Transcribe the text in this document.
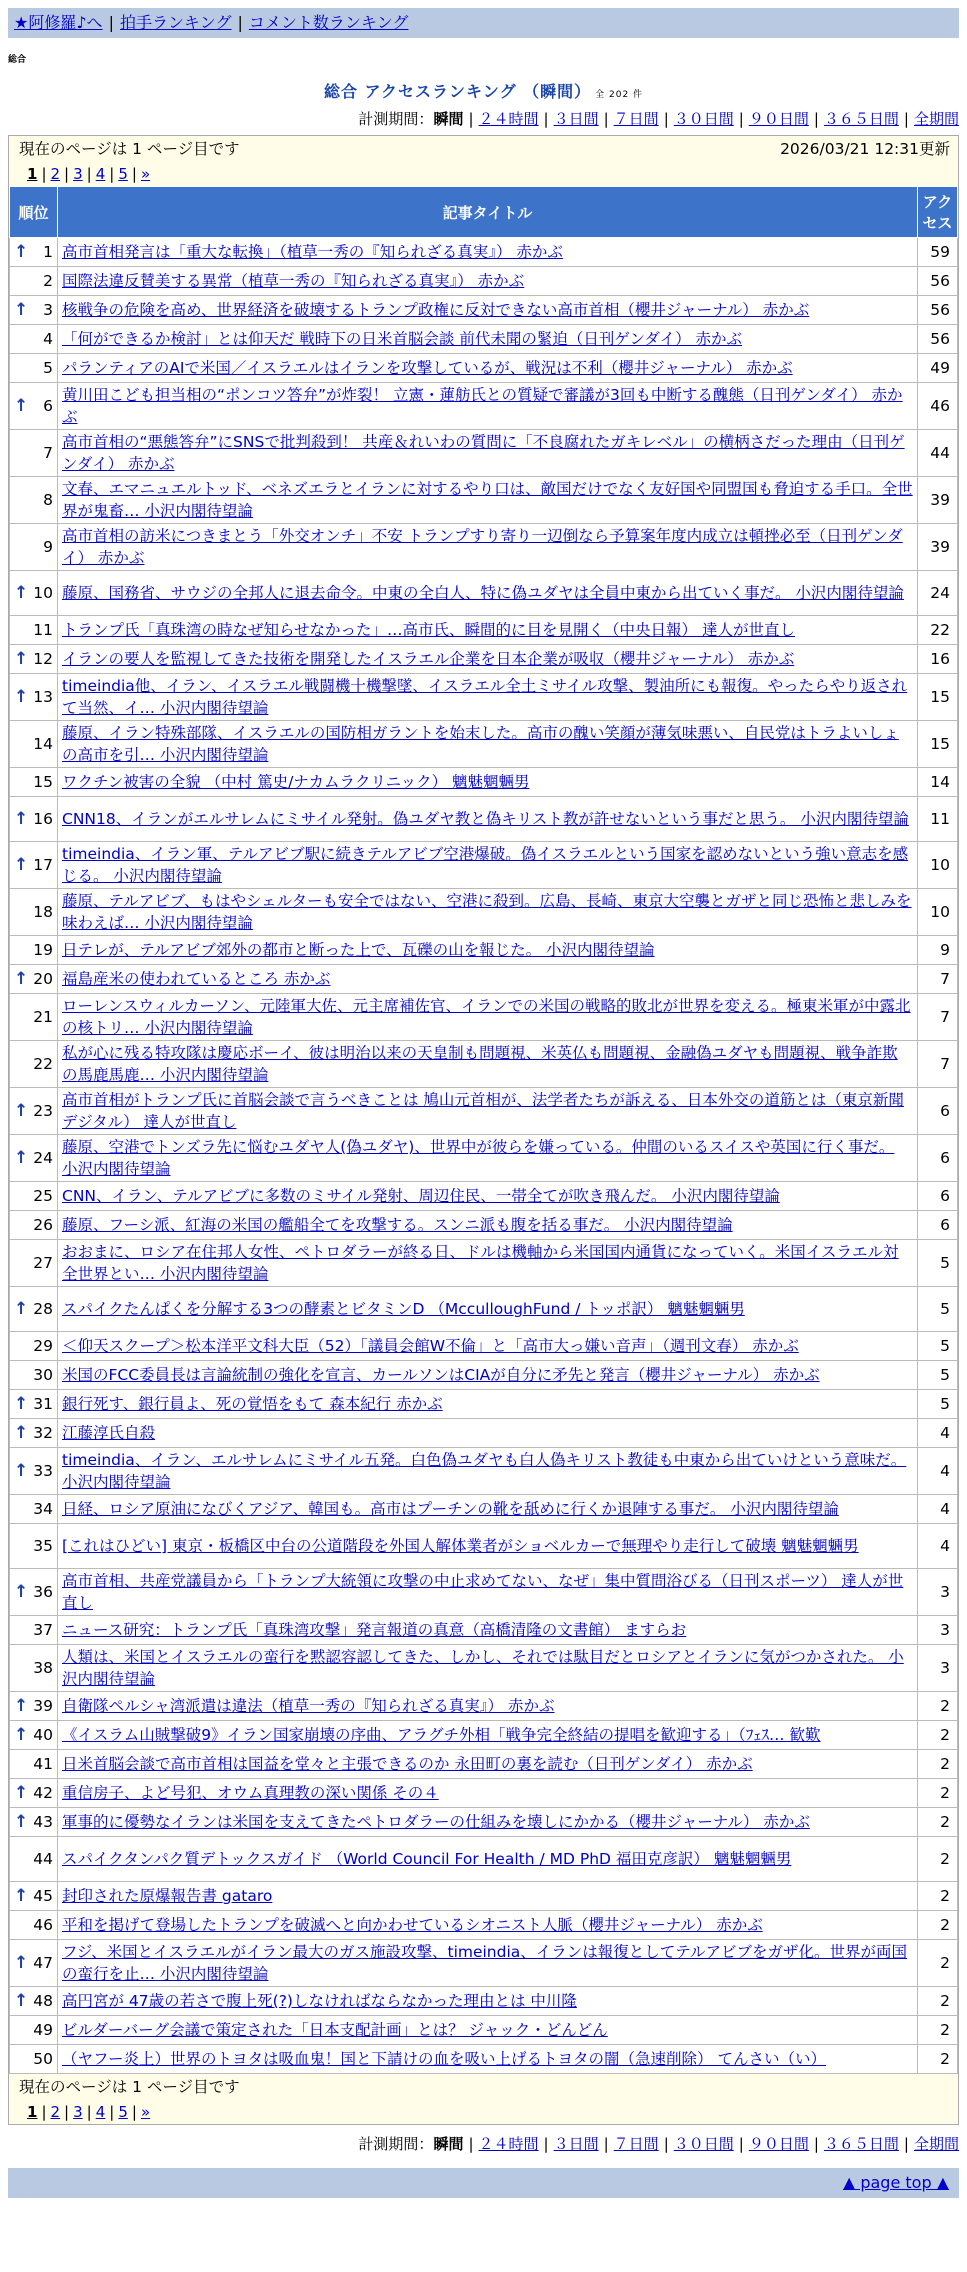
★阿修羅♪へ | 拍手ランキング | コメント数ランキング
総合
総合 アクセスランキング （瞬間） 全 202 件
計測期間：瞬間 | ２４時間 | ３日間 | ７日間 | ３０日間 | ９０日間 | ３６５日間 | 全期間
現在のページは 1 ページ目です	2026/03/21 12:31更新
1 | 2 | 3 | 4 | 5 | »
順位	記事タイトル	アクセス

↑ 1	高市首相発言は「重大な転換」（植草一秀の『知られざる真実』） 赤かぶ	59
2	国際法違反賛美する異常（植草一秀の『知られざる真実』） 赤かぶ	56

↑ 3	核戦争の危険を高め、世界経済を破壊するトランプ政権に反対できない高市首相（櫻井ジャーナル） 赤かぶ	56
4	「何ができるか検討」とは仰天だ 戦時下の日米首脳会談 前代未聞の緊迫（日刊ゲンダイ） 赤かぶ	56
5	パランティアのAIで米国／イスラエルはイランを攻撃しているが、戦況は不利（櫻井ジャーナル） 赤かぶ	49

↑ 6	黄川田こども担当相の“ポンコツ答弁”が炸裂！ 立憲・蓮舫氏との質疑で審議が3回も中断する醜態（日刊ゲンダイ） 赤かぶ	46
7	高市首相の“悪態答弁”にSNSで批判殺到！ 共産＆れいわの質問に「不良腐れたガキレベル」の横柄さだった理由（日刊ゲンダイ） 赤かぶ	44
8	文春、エマニュエルトッド、ベネズエラとイランに対するやり口は、敵国だけでなく友好国や同盟国も脅迫する手口。全世界が鬼畜… 小沢内閣待望論	39
9	高市首相の訪米につきまとう「外交オンチ」不安 トランプすり寄り一辺倒なら予算案年度内成立は頓挫必至（日刊ゲンダイ） 赤かぶ	39

↑ 10	藤原、国務省、サウジの全邦人に退去命令。中東の全白人、特に偽ユダヤは全員中東から出ていく事だ。 小沢内閣待望論	24
11	トランプ氏「真珠湾の時なぜ知らせなかった」…高市氏、瞬間的に目を見開く（中央日報） 達人が世直し	22

↑ 12	イランの要人を監視してきた技術を開発したイスラエル企業を日本企業が吸収（櫻井ジャーナル） 赤かぶ	16

↑ 13	timeindia他、イラン、イスラエル戦闘機十機撃墜、イスラエル全土ミサイル攻撃、製油所にも報復。やったらやり返されて当然、イ… 小沢内閣待望論	15
14	藤原、イラン特殊部隊、イスラエルの国防相ガラントを始末した。高市の醜い笑顔が薄気味悪い、自民党はトラよいしょの高市を引… 小沢内閣待望論	15
15	ワクチン被害の全貌 （中村 篤史/ナカムラクリニック） 魑魅魍魎男	14

↑ 16	CNN18、イランがエルサレムにミサイル発射。偽ユダヤ教と偽キリスト教が許せないという事だと思う。 小沢内閣待望論	11

↑ 17	timeindia、イラン軍、テルアビブ駅に続きテルアビブ空港爆破。偽イスラエルという国家を認めないという強い意志を感じる。 小沢内閣待望論	10
18	藤原、テルアビブ、もはやシェルターも安全ではない、空港に殺到。広島、長崎、東京大空襲とガザと同じ恐怖と悲しみを味わえば… 小沢内閣待望論	10
19	日テレが、テルアビブ郊外の都市と断った上で、瓦礫の山を報じた。 小沢内閣待望論	9

↑ 20	福島産米の使われているところ 赤かぶ	7
21	ローレンスウィルカーソン、元陸軍大佐、元主席補佐官、イランでの米国の戦略的敗北が世界を変える。極東米軍が中露北の核トリ… 小沢内閣待望論	7
22	私が心に残る特攻隊は慶応ボーイ、彼は明治以来の天皇制も問題視、米英仏も問題視、金融偽ユダヤも問題視、戦争詐欺の馬鹿馬鹿… 小沢内閣待望論	7

↑ 23	高市首相がトランプ氏に首脳会談で言うべきことは 鳩山元首相が、法学者たちが訴える、日本外交の道筋とは（東京新聞デジタル） 達人が世直し	6

↑ 24	藤原、空港でトンズラ先に悩むユダヤ人(偽ユダヤ)、世界中が彼らを嫌っている。仲間のいるスイスや英国に行く事だ。 小沢内閣待望論	6
25	CNN、イラン、テルアビブに多数のミサイル発射、周辺住民、一帯全てが吹き飛んだ。 小沢内閣待望論	6
26	藤原、フーシ派、紅海の米国の艦船全てを攻撃する。スンニ派も腹を括る事だ。 小沢内閣待望論	6
27	おおまに、ロシア在住邦人女性、ペトロダラーが終る日、ドルは機軸から米国国内通貨になっていく。米国イスラエル対全世界とい… 小沢内閣待望論	5

↑ 28	スパイクたんぱくを分解する3つの酵素とビタミンD （McculloughFund / トッポ訳） 魑魅魍魎男	5
29	＜仰天スクープ＞松本洋平文科大臣（52）「議員会館W不倫」と「高市大っ嫌い音声」（週刊文春） 赤かぶ	5
30	米国のFCC委員長は言論統制の強化を宣言、カールソンはCIAが自分に矛先と発言（櫻井ジャーナル） 赤かぶ	5

↑ 31	銀行死す、銀行員よ、死の覚悟をもて 森本紀行 赤かぶ	5

↑ 32	江藤淳氏自殺	4

↑ 33	timeindia、イラン、エルサレムにミサイル五発。白色偽ユダヤも白人偽キリスト教徒も中東から出ていけという意味だ。 小沢内閣待望論	4
34	日経、ロシア原油になびくアジア、韓国も。高市はプーチンの靴を舐めに行くか退陣する事だ。 小沢内閣待望論	4
35	[これはひどい] 東京・板橋区中台の公道階段を外国人解体業者がショベルカーで無理やり走行して破壊 魑魅魍魎男	4

↑ 36	高市首相、共産党議員から「トランプ大統領に攻撃の中止求めてない、なぜ」集中質問浴びる（日刊スポーツ） 達人が世直し	3
37	ニュース研究：トランプ氏「真珠湾攻撃」発言報道の真意（高橋清隆の文書館） ますらお	3
38	人類は、米国とイスラエルの蛮行を黙認容認してきた、しかし、それでは駄目だとロシアとイランに気がつかされた。 小沢内閣待望論	3

↑ 39	自衛隊ペルシャ湾派遣は違法（植草一秀の『知られざる真実』） 赤かぶ	2

↑ 40	《イスラム山賊撃破9》イラン国家崩壊の序曲、アラグチ外相「戦争完全終結の提唱を歓迎する」（ﾌｪｽ… 歓歎	2
41	日米首脳会談で高市首相は国益を堂々と主張できるのか 永田町の裏を読む（日刊ゲンダイ） 赤かぶ	2

↑ 42	重信房子、よど号犯、オウム真理教の深い関係 その４	2

↑ 43	軍事的に優勢なイランは米国を支えてきたペトロダラーの仕組みを壊しにかかる（櫻井ジャーナル） 赤かぶ	2
44	スパイクタンパク質デトックスガイド （World Council For Health / MD PhD 福田克彦訳） 魑魅魍魎男	2

↑ 45	封印された原爆報告書 gataro	2
46	平和を掲げて登場したトランプを破滅へと向かわせているシオニスト人脈（櫻井ジャーナル） 赤かぶ	2

↑ 47	フジ、米国とイスラエルがイラン最大のガス施設攻撃、timeindia、イランは報復としてテルアビブをガザ化。世界が両国の蛮行を止… 小沢内閣待望論	2

↑ 48	高円宮が 47歳の若さで腹上死(?)しなければならなかった理由とは 中川隆	2
49	ビルダーバーグ会議で策定された「日本支配計画」とは？ ジャック・どんどん	2
50	（ヤフー炎上）世界のトヨタは吸血鬼！国と下請けの血を吸い上げるトヨタの闇（急速削除） てんさい（い）	2
現在のページは 1 ページ目です
1 | 2 | 3 | 4 | 5 | »
計測期間：瞬間 | ２４時間 | ３日間 | ７日間 | ３０日間 | ９０日間 | ３６５日間 | 全期間
▲ page top ▲
